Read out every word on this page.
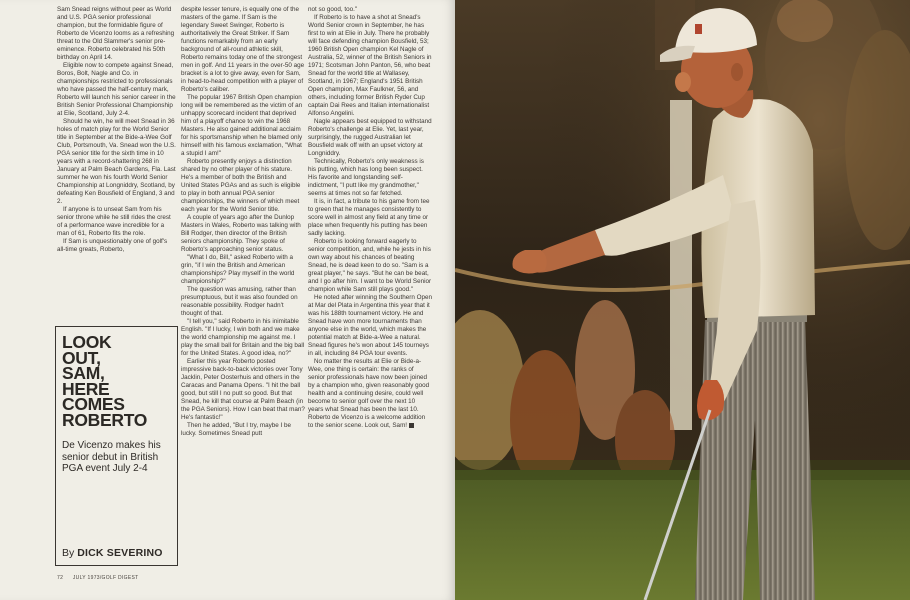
Sam Snead reigns without peer as World and U.S. PGA senior professional champion, but the formidable figure of Roberto de Vicenzo looms as a refreshing threat to the Old Slammer's senior pre-eminence. Roberto celebrated his 50th birthday on April 14.

Eligible now to compete against Snead, Boros, Bolt, Nagle and Co. in championships restricted to professionals who have passed the half-century mark, Roberto will launch his senior career in the British Senior Professional Championship at Elie, Scotland, July 2-4.

Should he win, he will meet Snead in 36 holes of match play for the World Senior title in September at the Bide-a-Wee Golf Club, Portsmouth, Va. Snead won the U.S. PGA senior title for the sixth time in 10 years with a record-shattering 268 in January at Palm Beach Gardens, Fla. Last summer he won his fourth World Senior Championship at Longniddry, Scotland, by defeating Ken Bousfield of England, 3 and 2.

If anyone is to unseat Sam from his senior throne while he still rides the crest of a performance wave incredible for a man of 61, Roberto fits the role.

If Sam is unquestionably one of golf's all-time greats, Roberto,

despite lesser tenure, is equally one of the masters of the game. If Sam is the legendary Sweet Swinger, Roberto is authoritatively the Great Striker. If Sam functions remarkably from an early background of all-round athletic skill, Roberto remains today one of the strongest men in golf. And 11 years in the over-50 age bracket is a lot to give away, even for Sam, in head-to-head competition with a player of Roberto's caliber.

The popular 1967 British Open champion long will be remembered as the victim of an unhappy scorecard incident that deprived him of a playoff chance to win the 1968 Masters. He also gained additional acclaim for his sportsmanship when he blamed only himself with his famous exclamation, "What a stupid I am!"

Roberto presently enjoys a distinction shared by no other player of his stature. He's a member of both the British and United States PGAs and as such is eligible to play in both annual PGA senior championships, the winners of which meet each year for the World Senior title.

A couple of years ago after the Dunlop Masters in Wales, Roberto was talking with Bill Rodger, then director of the British seniors championship. They spoke of Roberto's approaching senior status.

"What I do, Bill," asked Roberto with a grin, "if I win the British and American championships? Play myself in the world championship?"

The question was amusing, rather than presumptuous, but it was also founded on reasonable possibility. Rodger hadn't thought of that.

"I tell you," said Roberto in his inimitable English. "If I lucky, I win both and we make the world championship me against me. I play the small ball for Britain and the big ball for the United States. A good idea, no?"

Earlier this year Roberto posted impressive back-to-back victories over Tony Jacklin, Peter Oosterhuis and others in the Caracas and Panama Opens. "I hit the ball good, but still I no putt so good. But that Snead, he kill that course at Palm Beach (in the PGA Seniors). How I can beat that man? He's fantastic!"

Then he added, "But I try, maybe I be lucky. Sometimes Snead putt

not so good, too."

If Roberto is to have a shot at Snead's World Senior crown in September, he has first to win at Elie in July. There he probably will face defending champion Bousfield, 53; 1960 British Open champion Kel Nagle of Australia, 52, winner of the British Seniors in 1971; Scotsman John Panton, 56, who beat Snead for the world title at Wallasey, Scotland, in 1967; England's 1951 British Open champion, Max Faulkner, 56, and others, including former British Ryder Cup captain Dai Rees and Italian internationalist Alfonso Angelini.

Nagle appears best equipped to withstand Roberto's challenge at Elie. Yet, last year, surprisingly, the rugged Australian let Bousfield walk off with an upset victory at Longniddry.

Technically, Roberto's only weakness is his putting, which has long been suspect. His favorite and longstanding self-indictment, "I putt like my grandmother," seems at times not so far fetched.

It is, in fact, a tribute to his game from tee to green that he manages consistently to score well in almost any field at any time or place when frequently his putting has been sadly lacking.

Roberto is looking forward eagerly to senior competition, and, while he jests in his own way about his chances of beating Snead, he is dead keen to do so. "Sam is a great player," he says. "But he can be beat, and I go after him. I want to be World Senior champion while Sam still plays good."

He noted after winning the Southern Open at Mar del Plata in Argentina this year that it was his 188th tournament victory. He and Snead have won more tournaments than anyone else in the world, which makes the potential match at Bide-a-Wee a natural. Snead figures he's won about 145 tourneys in all, including 84 PGA tour events.

No matter the results at Elie or Bide-a-Wee, one thing is certain: the ranks of senior professionals have now been joined by a champion who, given reasonably good health and a continuing desire, could well become to senior golf over the next 10 years what Snead has been the last 10. Roberto de Vicenzo is a welcome addition to the senior scene. Look out, Sam!

LOOK
OUT,
SAM,
HERE
COMES
ROBERTO
De Vicenzo makes his senior debut in British PGA event July 2-4
By DICK SEVERINO
72 JULY 1973/GOLF DIGEST
